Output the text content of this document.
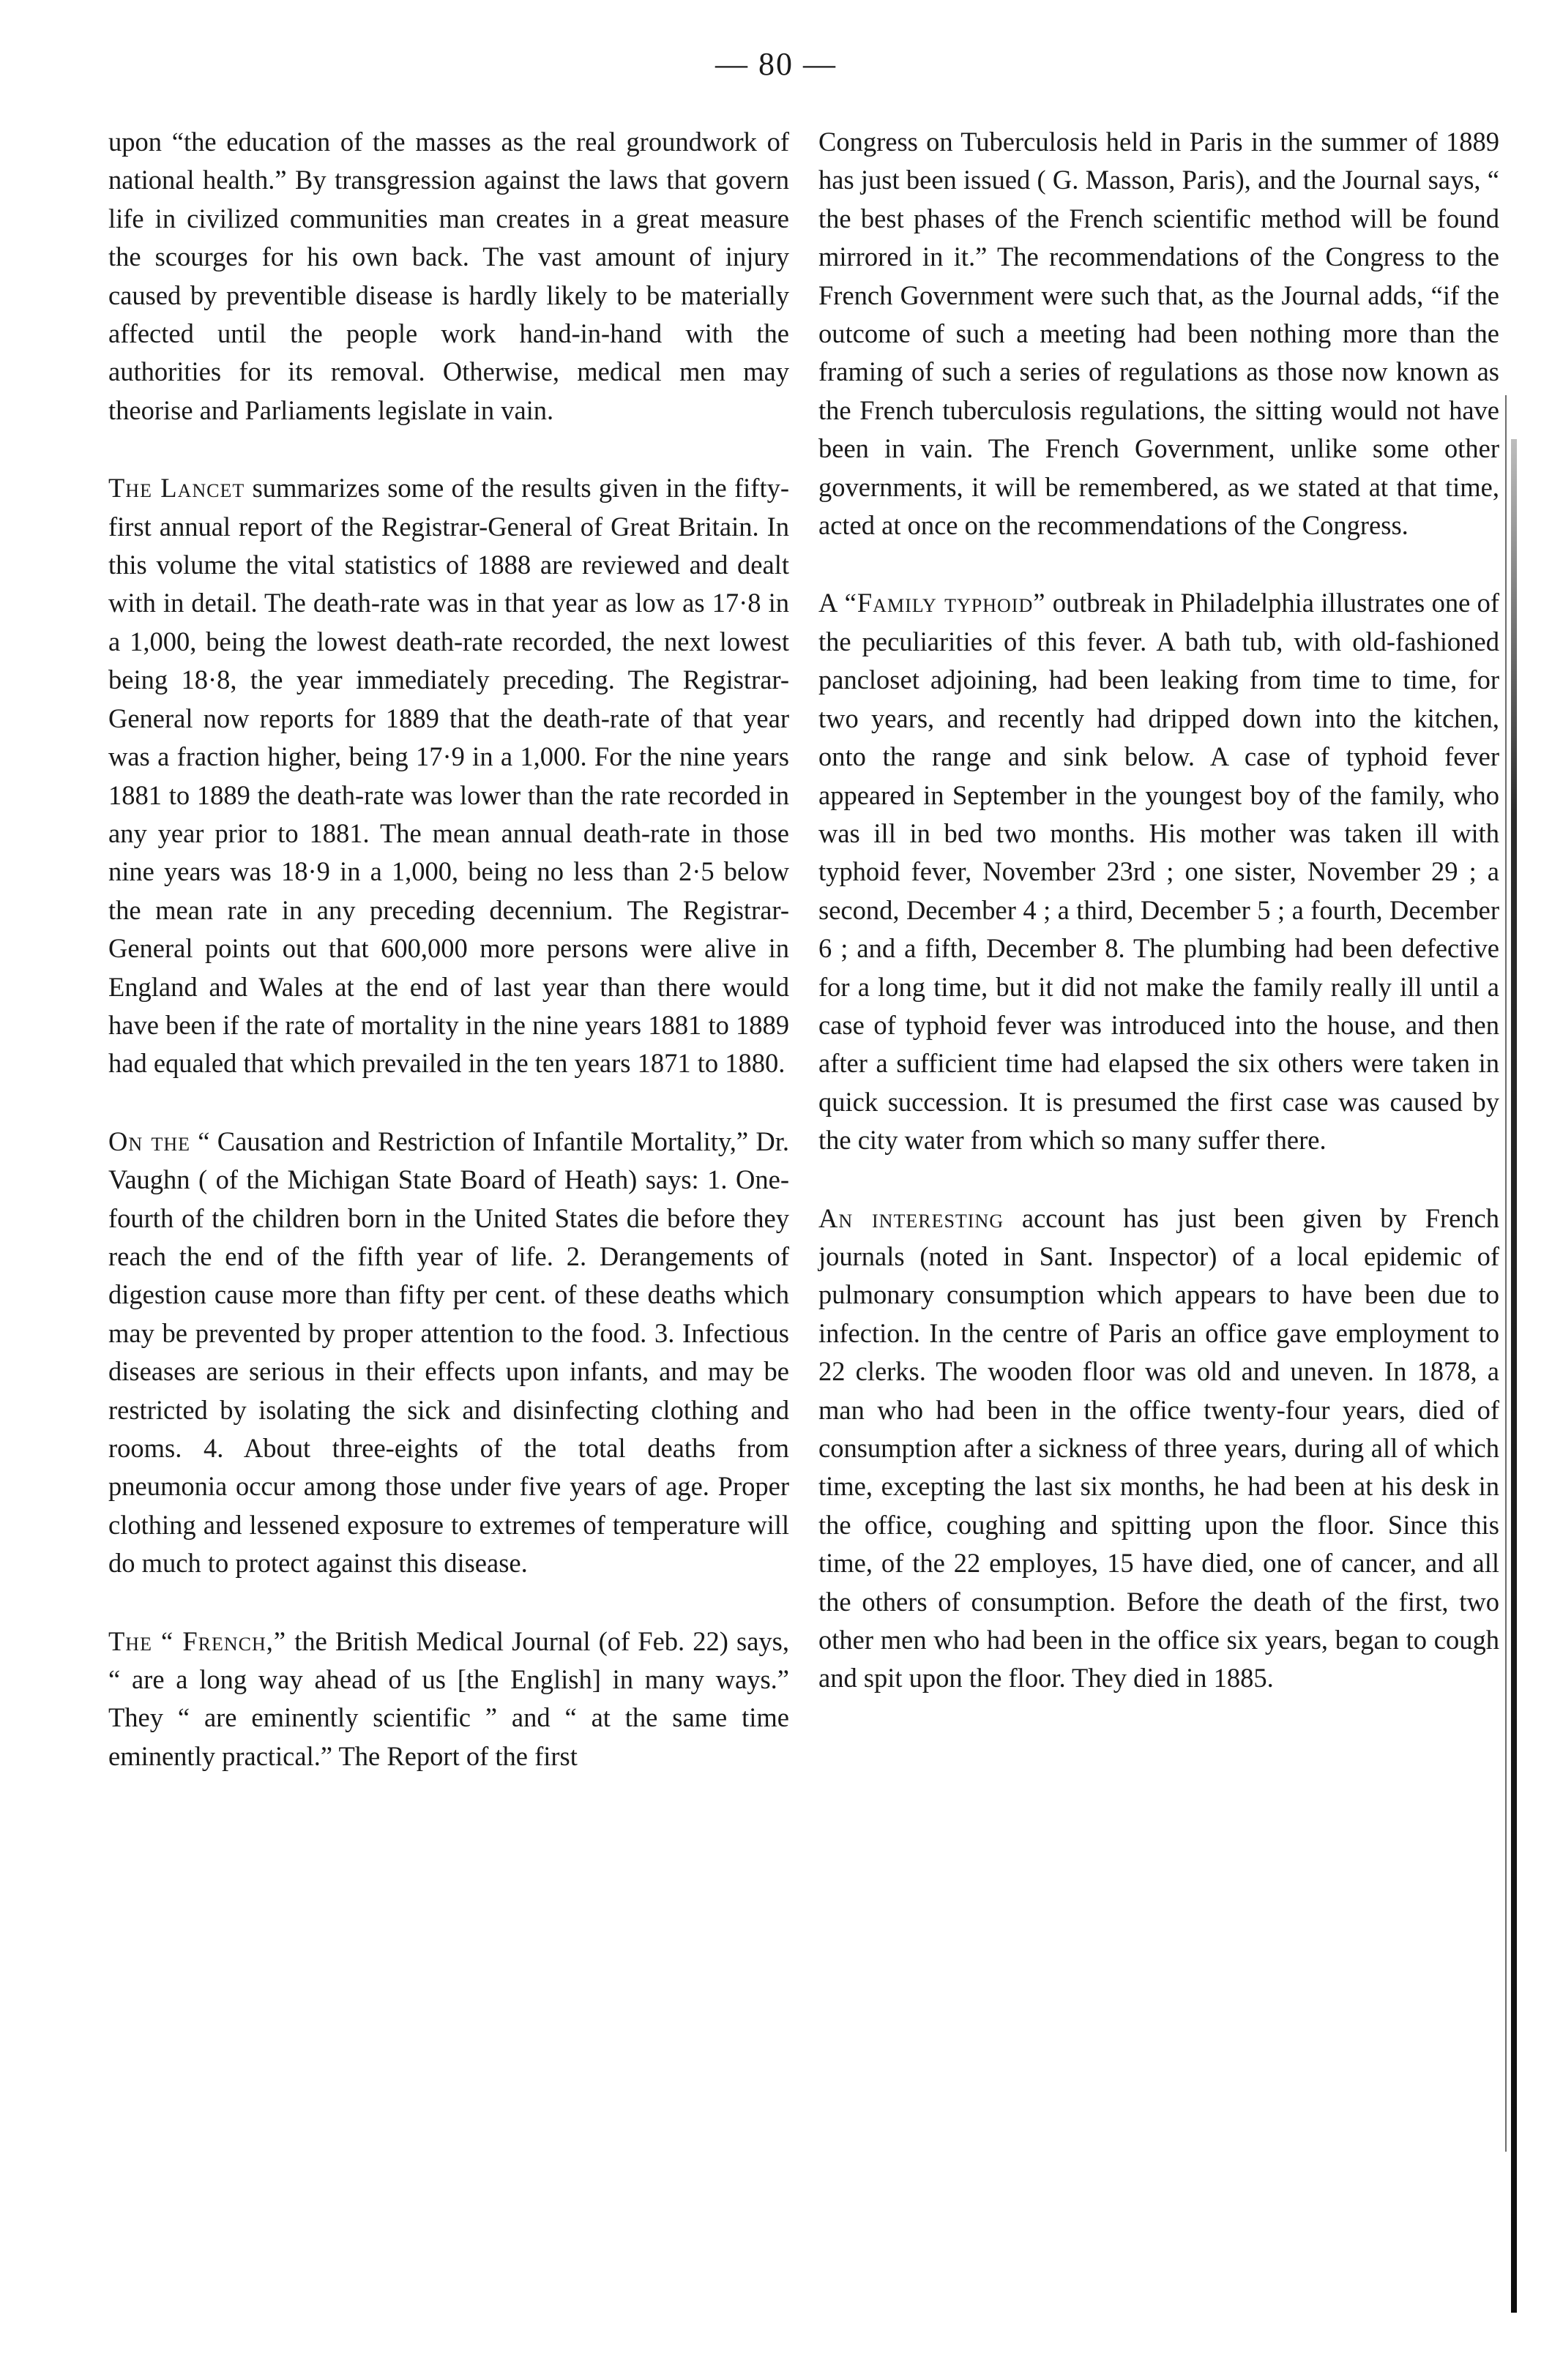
— 80 —

upon “the education of the masses as the real groundwork of national health.” By transgression against the laws that govern life in civilized communities man creates in a great measure the scourges for his own back. The vast amount of injury caused by preventible disease is hardly likely to be materially affected until the people work hand-in-hand with the authorities for its removal. Otherwise, medical men may theorise and Parliaments legislate in vain.

The Lancet summarizes some of the results given in the fifty-first annual report of the Registrar-General of Great Britain. In this volume the vital statistics of 1888 are reviewed and dealt with in detail. The death-rate was in that year as low as 17·8 in a 1,000, being the lowest death-rate recorded, the next lowest being 18·8, the year immediately preceding. The Registrar-General now reports for 1889 that the death-rate of that year was a fraction higher, being 17·9 in a 1,000. For the nine years 1881 to 1889 the death-rate was lower than the rate recorded in any year prior to 1881. The mean annual death-rate in those nine years was 18·9 in a 1,000, being no less than 2·5 below the mean rate in any preceding decennium. The Registrar-General points out that 600,000 more persons were alive in England and Wales at the end of last year than there would have been if the rate of mortality in the nine years 1881 to 1889 had equaled that which prevailed in the ten years 1871 to 1880.

On the “ Causation and Restriction of Infantile Mortality,” Dr. Vaughn ( of the Michigan State Board of Heath) says: 1. One-fourth of the children born in the United States die before they reach the end of the fifth year of life. 2. Derangements of digestion cause more than fifty per cent. of these deaths which may be prevented by proper attention to the food. 3. Infectious diseases are serious in their effects upon infants, and may be restricted by isolating the sick and disinfecting clothing and rooms. 4. About three-eights of the total deaths from pneumonia occur among those under five years of age. Proper clothing and lessened exposure to extremes of temperature will do much to protect against this disease.

The “ French,” the British Medical Journal (of Feb. 22) says, “ are a long way ahead of us [the English] in many ways.” They “ are eminently scientific ” and “ at the same time eminently practical.” The Report of the first

Congress on Tuberculosis held in Paris in the summer of 1889 has just been issued ( G. Masson, Paris), and the Journal says, “ the best phases of the French scientific method will be found mirrored in it.” The recommendations of the Congress to the French Government were such that, as the Journal adds, “if the outcome of such a meeting had been nothing more than the framing of such a series of regulations as those now known as the French tuberculosis regulations, the sitting would not have been in vain. The French Government, unlike some other governments, it will be remembered, as we stated at that time, acted at once on the recommendations of the Congress.

A “Family typhoid” outbreak in Philadelphia illustrates one of the peculiarities of this fever. A bath tub, with old-fashioned pancloset adjoining, had been leaking from time to time, for two years, and recently had dripped down into the kitchen, onto the range and sink below. A case of typhoid fever appeared in September in the youngest boy of the family, who was ill in bed two months. His mother was taken ill with typhoid fever, November 23rd ; one sister, November 29 ; a second, December 4 ; a third, December 5 ; a fourth, December 6 ; and a fifth, December 8. The plumbing had been defective for a long time, but it did not make the family really ill until a case of typhoid fever was introduced into the house, and then after a sufficient time had elapsed the six others were taken in quick succession. It is presumed the first case was caused by the city water from which so many suffer there.

An interesting account has just been given by French journals (noted in Sant. Inspector) of a local epidemic of pulmonary consumption which appears to have been due to infection. In the centre of Paris an office gave employment to 22 clerks. The wooden floor was old and uneven. In 1878, a man who had been in the office twenty-four years, died of consumption after a sickness of three years, during all of which time, excepting the last six months, he had been at his desk in the office, coughing and spitting upon the floor. Since this time, of the 22 employes, 15 have died, one of cancer, and all the others of consumption. Before the death of the first, two other men who had been in the office six years, began to cough and spit upon the floor. They died in 1885.
